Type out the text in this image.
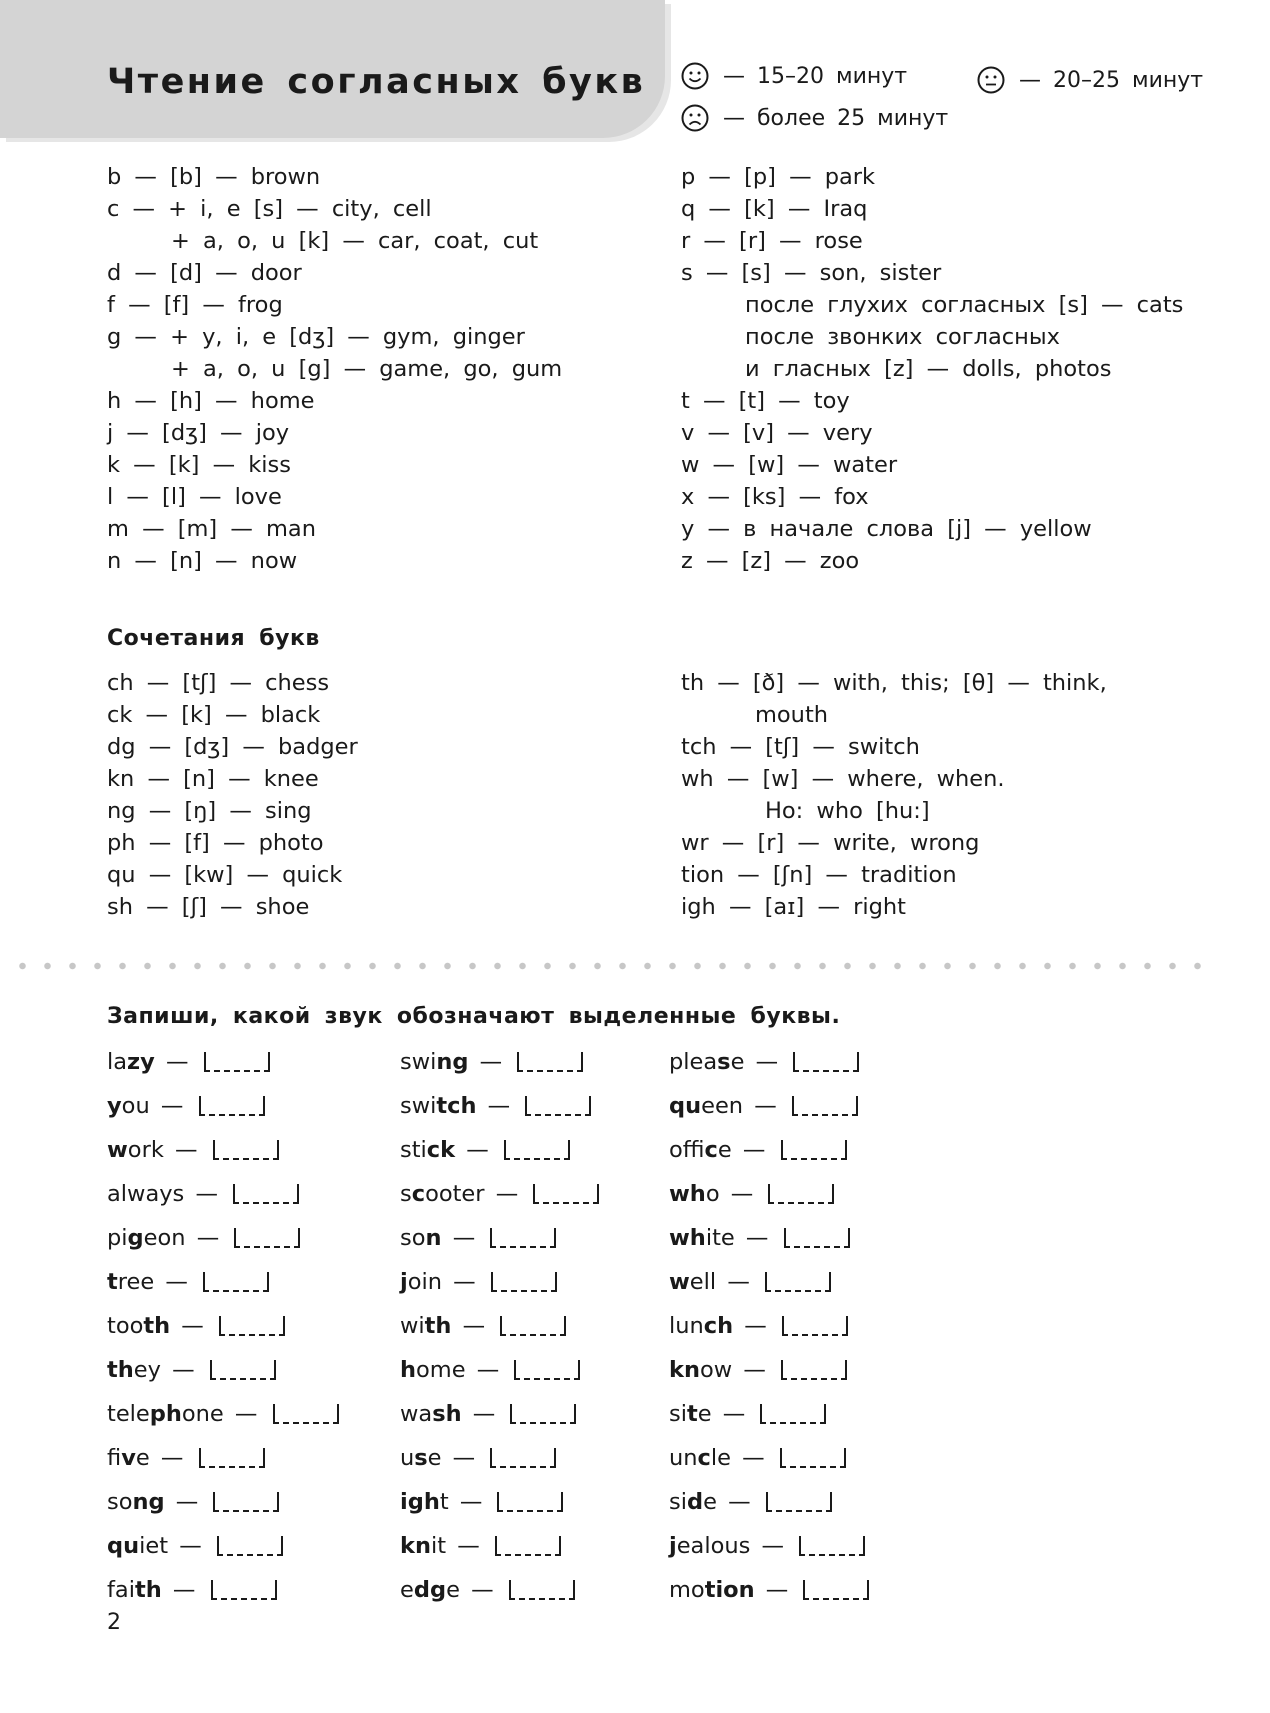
Чтение согласных букв	— 15–20 минут	— 20–25 минут
— более 25 минут
b — [b] — brown
c — + i, e [s] — city, cell
+ a, o, u [k] — car, coat, cut
d — [d] — door
f — [f] — frog
g — + y, i, e [dʒ] — gym, ginger
+ a, o, u [g] — game, go, gum
h — [h] — home
j — [dʒ] — joy
k — [k] — kiss
l — [l] — love
m — [m] — man
n — [n] — now
p — [p] — park
q — [k] — Iraq
r — [r] — rose
s — [s] — son, sister
после глухих согласных [s] — cats
после звонких согласных
и гласных [z] — dolls, photos
t — [t] — toy
v — [v] — very
w — [w] — water
x — [ks] — fox
y — в начале слова [j] — yellow
z — [z] — zoo
Сочетания букв
ch — [tʃ] — chess
ck — [k] — black
dg — [dʒ] — badger
kn — [n] — knee
ng — [ŋ] — sing
ph — [f] — photo
qu — [kw] — quick
sh — [ʃ] — shoe
th — [ð] — with, this; [θ] — think,
mouth
tch — [tʃ] — switch
wh — [w] — where, when.
Но: who [hu:]
wr — [r] — write, wrong
tion — [ʃn] — tradition
igh — [aɪ] — right
Запиши, какой звук обозначают выделенные буквы.
lazy —
you —
work —
always —
pigeon —
tree —
tooth —
they —
telephone —
five —
song —
quiet —
faith —
swing —
switch —
stick —
scooter —
son —
join —
with —
home —
wash —
use —
ight —
knit —
edge —
please —
queen —
office —
who —
white —
well —
lunch —
know —
site —
uncle —
side —
jealous —
motion —
2
